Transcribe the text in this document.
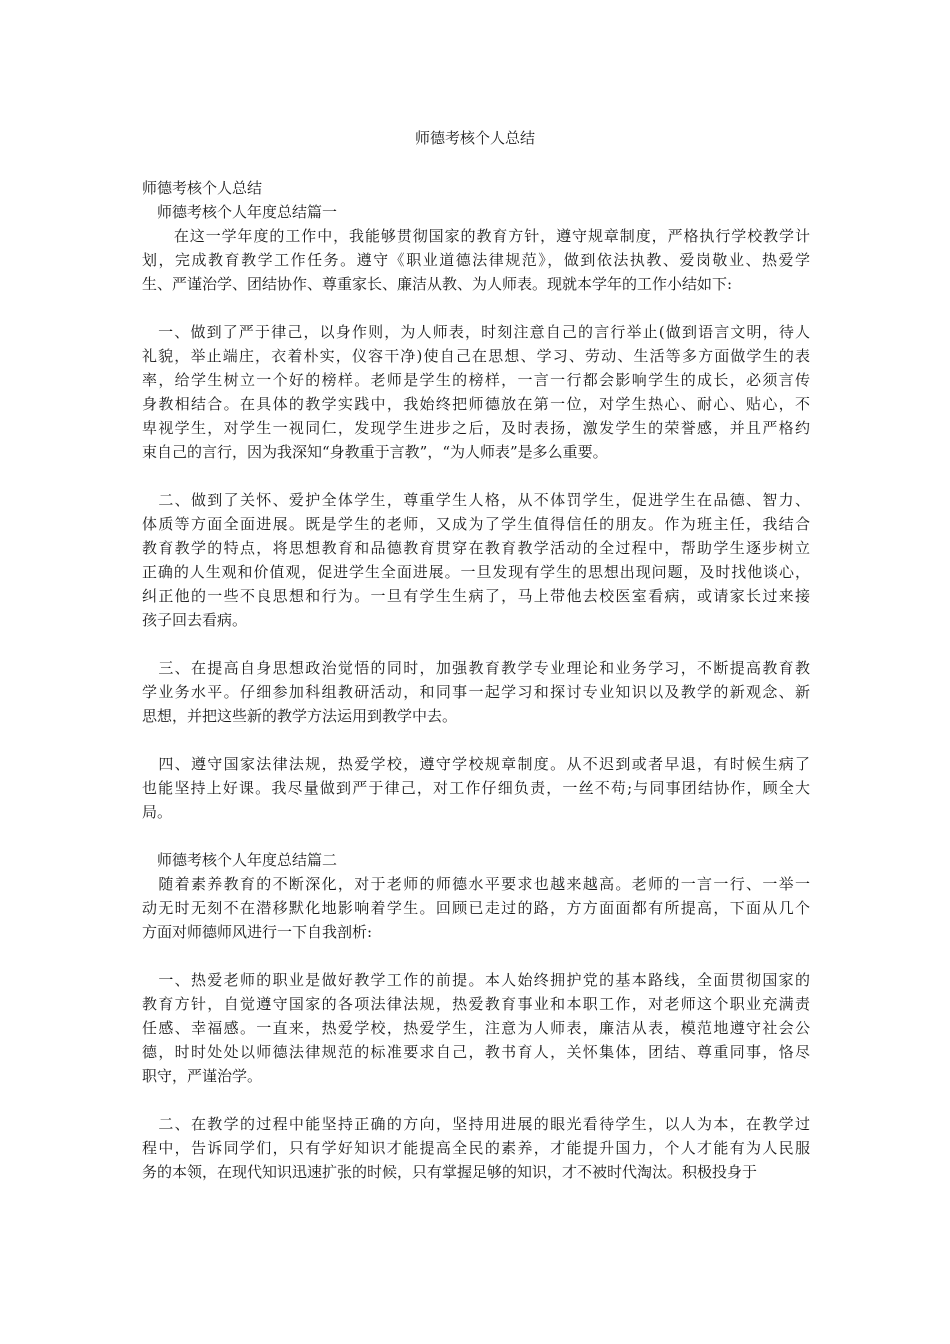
师德考核个人总结
师德考核个人总结
　师德考核个人年度总结篇一
　　在这一学年度的工作中，我能够贯彻国家的教育方针，遵守规章制度，严格执行学校教学计
划，完成教育教学工作任务。遵守《职业道德法律规范》，做到依法执教、爱岗敬业、热爱学
生、严谨治学、团结协作、尊重家长、廉洁从教、为人师表。现就本学年的工作小结如下:
　一、做到了严于律己，以身作则，为人师表，时刻注意自己的言行举止(做到语言文明，待人
礼貌，举止端庄，衣着朴实，仪容干净)使自己在思想、学习、劳动、生活等多方面做学生的表
率，给学生树立一个好的榜样。老师是学生的榜样，一言一行都会影响学生的成长，必须言传
身教相结合。在具体的教学实践中，我始终把师德放在第一位，对学生热心、耐心、贴心，不
卑视学生，对学生一视同仁，发现学生进步之后，及时表扬，激发学生的荣誉感，并且严格约
束自己的言行，因为我深知“身教重于言教”，“为人师表”是多么重要。
　二、做到了关怀、爱护全体学生，尊重学生人格，从不体罚学生，促进学生在品德、智力、
体质等方面全面进展。既是学生的老师，又成为了学生值得信任的朋友。作为班主任，我结合
教育教学的特点，将思想教育和品德教育贯穿在教育教学活动的全过程中，帮助学生逐步树立
正确的人生观和价值观，促进学生全面进展。一旦发现有学生的思想出现问题，及时找他谈心，
纠正他的一些不良思想和行为。一旦有学生生病了，马上带他去校医室看病，或请家长过来接
孩子回去看病。
　三、在提高自身思想政治觉悟的同时，加强教育教学专业理论和业务学习，不断提高教育教
学业务水平。仔细参加科组教研活动，和同事一起学习和探讨专业知识以及教学的新观念、新
思想，并把这些新的教学方法运用到教学中去。
　四、遵守国家法律法规，热爱学校，遵守学校规章制度。从不迟到或者早退，有时候生病了
也能坚持上好课。我尽量做到严于律己，对工作仔细负责，一丝不苟;与同事团结协作，顾全大
局。
　师德考核个人年度总结篇二
　随着素养教育的不断深化，对于老师的师德水平要求也越来越高。老师的一言一行、一举一
动无时无刻不在潜移默化地影响着学生。回顾已走过的路，方方面面都有所提高，下面从几个
方面对师德师风进行一下自我剖析:
　一、热爱老师的职业是做好教学工作的前提。本人始终拥护党的基本路线，全面贯彻国家的
教育方针，自觉遵守国家的各项法律法规，热爱教育事业和本职工作，对老师这个职业充满责
任感、幸福感。一直来，热爱学校，热爱学生，注意为人师表，廉洁从表，模范地遵守社会公
德，时时处处以师德法律规范的标准要求自己，教书育人，关怀集体，团结、尊重同事，恪尽
职守，严谨治学。
　二、在教学的过程中能坚持正确的方向，坚持用进展的眼光看待学生，以人为本，在教学过
程中，告诉同学们，只有学好知识才能提高全民的素养，才能提升国力，个人才能有为人民服
务的本领，在现代知识迅速扩张的时候，只有掌握足够的知识，才不被时代淘汰。积极投身于
